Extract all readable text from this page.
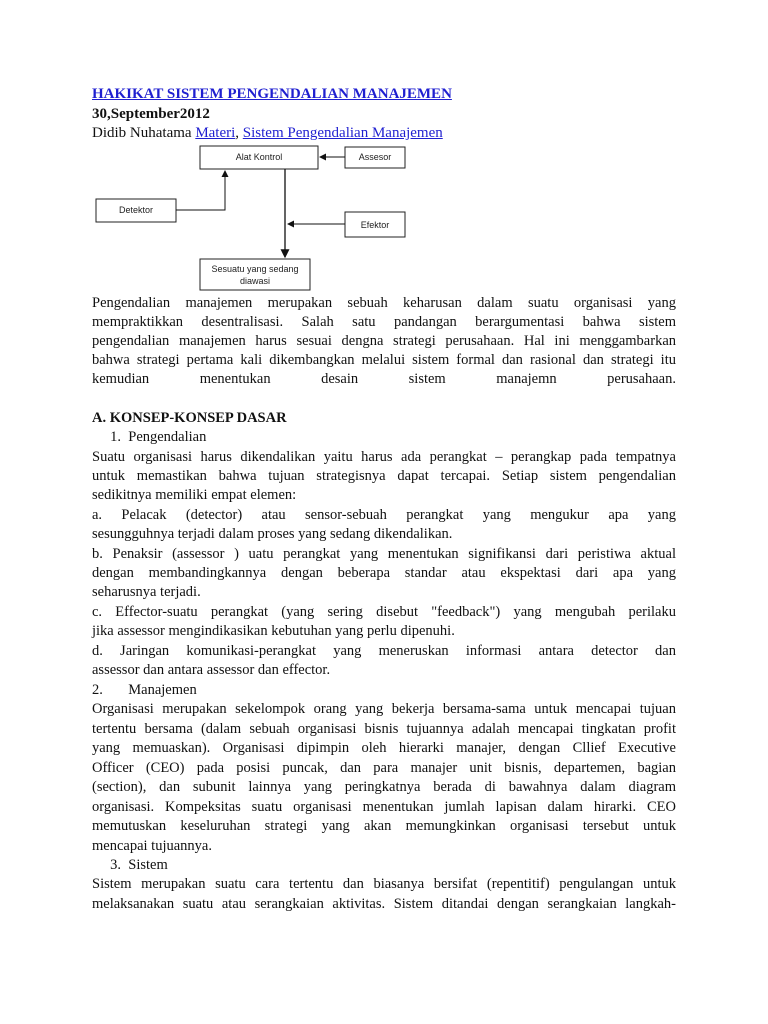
HAKIKAT SISTEM PENGENDALIAN MANAJEMEN
30,September2012
Didib Nuhatama Materi, Sistem Pengendalian Manajemen
Alat Kontrol	Assesor
Detektor
Efektor
Sesuatu yang sedang
diawasi
Pengendalian manajemen merupakan sebuah keharusan dalam suatu organisasi yang
mempraktikkan desentralisasi. Salah satu pandangan berargumentasi bahwa sistem
pengendalian manajemen harus sesuai dengna strategi perusahaan. Hal ini menggambarkan
bahwa strategi pertama kali dikembangkan melalui sistem formal dan rasional dan strategi itu
kemudian menentukan desain sistem manajemn perusahaan.
A. KONSEP-KONSEP DASAR
1.  Pengendalian
Suatu organisasi harus dikendalikan yaitu harus ada perangkat – perangkap pada tempatnya
untuk memastikan bahwa tujuan strategisnya dapat tercapai. Setiap sistem pengendalian
sedikitnya memiliki empat elemen:
a. Pelacak (detector) atau sensor-sebuah perangkat yang mengukur apa yang
sesungguhnya terjadi dalam proses yang sedang dikendalikan.
b. Penaksir (assessor ) uatu perangkat yang menentukan signifikansi dari peristiwa aktual
dengan membandingkannya dengan beberapa standar atau ekspektasi dari apa yang
seharusnya terjadi.
c. Effector-suatu perangkat (yang sering disebut "feedback") yang mengubah perilaku
jika assessor mengindikasikan kebutuhan yang perlu dipenuhi.
d. Jaringan komunikasi-perangkat yang meneruskan informasi antara detector dan
assessor dan antara assessor dan effector.
2.       Manajemen
Organisasi merupakan sekelompok orang yang bekerja bersama-sama untuk mencapai tujuan
tertentu bersama (dalam sebuah organisasi bisnis tujuannya adalah mencapai tingkatan profit
yang memuaskan). Organisasi dipimpin oleh hierarki manajer, dengan Cllief Executive
Officer (CEO) pada posisi puncak, dan para manajer unit bisnis, departemen, bagian
(section), dan subunit lainnya yang peringkatnya berada di bawahnya dalam diagram
organisasi. Kompeksitas suatu organisasi menentukan jumlah lapisan dalam hirarki. CEO
memutuskan keseluruhan strategi yang akan memungkinkan organisasi tersebut untuk
mencapai tujuannya.
3.  Sistem
Sistem merupakan suatu cara tertentu dan biasanya bersifat (repentitif) pengulangan untuk
melaksanakan suatu atau serangkaian aktivitas. Sistem ditandai dengan serangkaian langkah-
